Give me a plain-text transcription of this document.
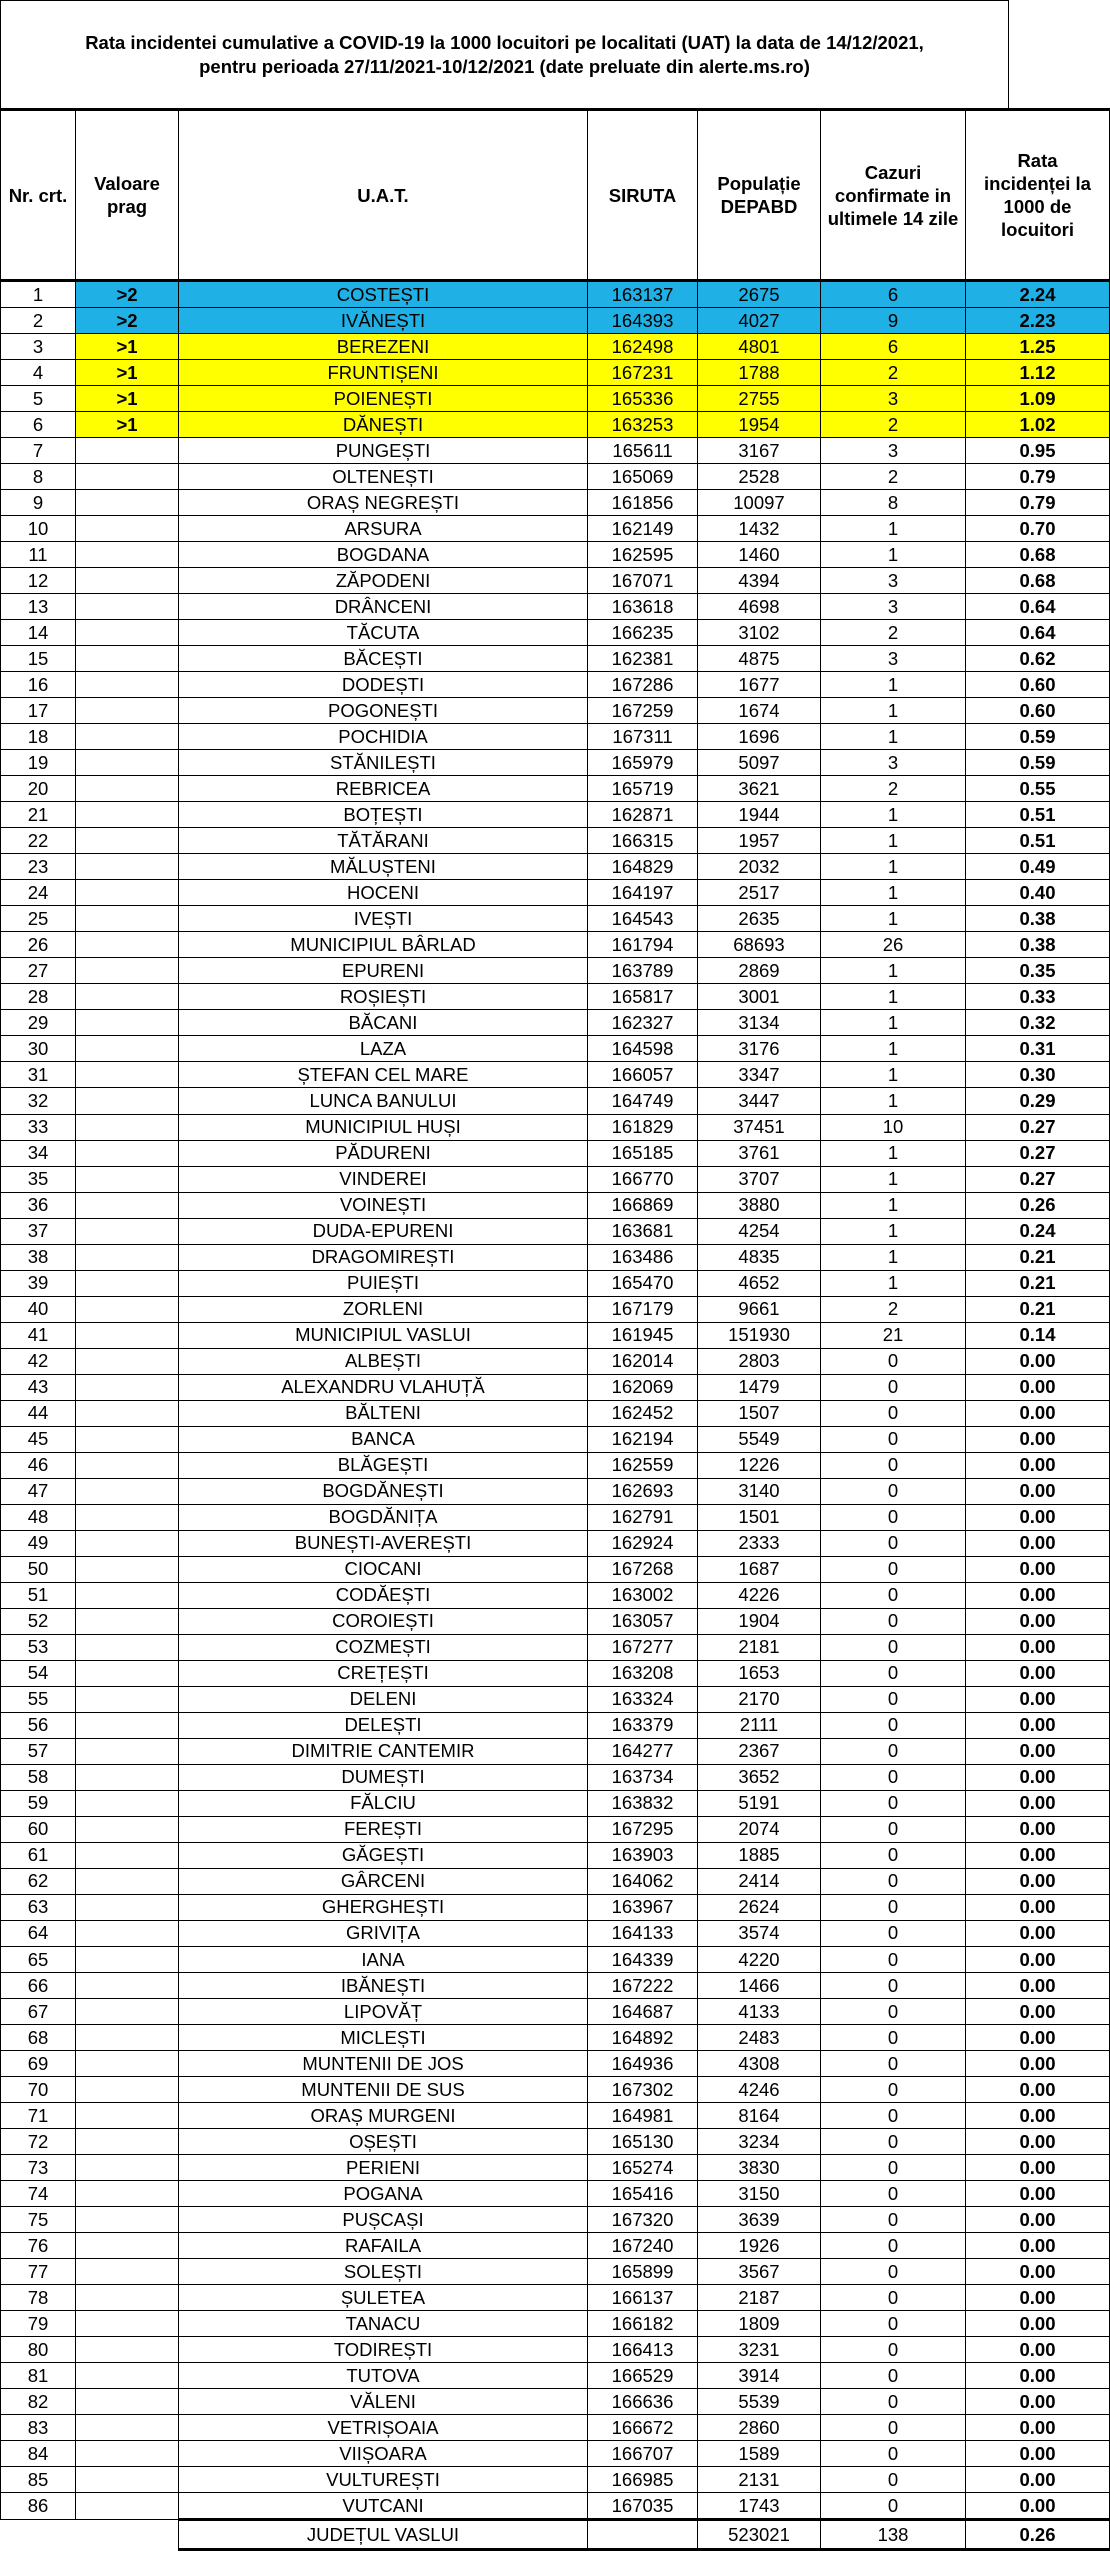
Rata incidentei cumulative a COVID-19 la 1000 locuitori pe localitati (UAT) la data de 14/12/2021,
pentru perioada 27/11/2021-10/12/2021 (date preluate din alerte.ms.ro)
Nr. crt.	Valoare prag	U.A.T.	SIRUTA	Populație DEPABD	Cazuri confirmate in ultimele 14 zile	Rata incidenței la 1000 de locuitori
1	>2	COSTEȘTI	163137	2675	6	2.24
2	>2	IVĂNEȘTI	164393	4027	9	2.23
3	>1	BEREZENI	162498	4801	6	1.25
4	>1	FRUNTIȘENI	167231	1788	2	1.12
5	>1	POIENEȘTI	165336	2755	3	1.09
6	>1	DĂNEȘTI	163253	1954	2	1.02
7		PUNGEȘTI	165611	3167	3	0.95
8		OLTENEȘTI	165069	2528	2	0.79
9		ORAȘ NEGREȘTI	161856	10097	8	0.79
10		ARSURA	162149	1432	1	0.70
11		BOGDANA	162595	1460	1	0.68
12		ZĂPODENI	167071	4394	3	0.68
13		DRÂNCENI	163618	4698	3	0.64
14		TĂCUTA	166235	3102	2	0.64
15		BĂCEȘTI	162381	4875	3	0.62
16		DODEȘTI	167286	1677	1	0.60
17		POGONEȘTI	167259	1674	1	0.60
18		POCHIDIA	167311	1696	1	0.59
19		STĂNILEȘTI	165979	5097	3	0.59
20		REBRICEA	165719	3621	2	0.55
21		BOȚEȘTI	162871	1944	1	0.51
22		TĂTĂRANI	166315	1957	1	0.51
23		MĂLUȘTENI	164829	2032	1	0.49
24		HOCENI	164197	2517	1	0.40
25		IVEȘTI	164543	2635	1	0.38
26		MUNICIPIUL BÂRLAD	161794	68693	26	0.38
27		EPURENI	163789	2869	1	0.35
28		ROȘIEȘTI	165817	3001	1	0.33
29		BĂCANI	162327	3134	1	0.32
30		LAZA	164598	3176	1	0.31
31		ȘTEFAN CEL MARE	166057	3347	1	0.30
32		LUNCA BANULUI	164749	3447	1	0.29
33		MUNICIPIUL HUȘI	161829	37451	10	0.27
34		PĂDURENI	165185	3761	1	0.27
35		VINDEREI	166770	3707	1	0.27
36		VOINEȘTI	166869	3880	1	0.26
37		DUDA-EPURENI	163681	4254	1	0.24
38		DRAGOMIREȘTI	163486	4835	1	0.21
39		PUIEȘTI	165470	4652	1	0.21
40		ZORLENI	167179	9661	2	0.21
41		MUNICIPIUL VASLUI	161945	151930	21	0.14
42		ALBEȘTI	162014	2803	0	0.00
43		ALEXANDRU VLAHUȚĂ	162069	1479	0	0.00
44		BĂLTENI	162452	1507	0	0.00
45		BANCA	162194	5549	0	0.00
46		BLĂGEȘTI	162559	1226	0	0.00
47		BOGDĂNEȘTI	162693	3140	0	0.00
48		BOGDĂNIȚA	162791	1501	0	0.00
49		BUNEȘTI-AVEREȘTI	162924	2333	0	0.00
50		CIOCANI	167268	1687	0	0.00
51		CODĂEȘTI	163002	4226	0	0.00
52		COROIEȘTI	163057	1904	0	0.00
53		COZMEȘTI	167277	2181	0	0.00
54		CREȚEȘTI	163208	1653	0	0.00
55		DELENI	163324	2170	0	0.00
56		DELEȘTI	163379	2111	0	0.00
57		DIMITRIE CANTEMIR	164277	2367	0	0.00
58		DUMEȘTI	163734	3652	0	0.00
59		FĂLCIU	163832	5191	0	0.00
60		FEREȘTI	167295	2074	0	0.00
61		GĂGEȘTI	163903	1885	0	0.00
62		GÂRCENI	164062	2414	0	0.00
63		GHERGHEȘTI	163967	2624	0	0.00
64		GRIVIȚA	164133	3574	0	0.00
65		IANA	164339	4220	0	0.00
66		IBĂNEȘTI	167222	1466	0	0.00
67		LIPOVĂȚ	164687	4133	0	0.00
68		MICLEȘTI	164892	2483	0	0.00
69		MUNTENII DE JOS	164936	4308	0	0.00
70		MUNTENII DE SUS	167302	4246	0	0.00
71		ORAȘ MURGENI	164981	8164	0	0.00
72		OȘEȘTI	165130	3234	0	0.00
73		PERIENI	165274	3830	0	0.00
74		POGANA	165416	3150	0	0.00
75		PUȘCAȘI	167320	3639	0	0.00
76		RAFAILA	167240	1926	0	0.00
77		SOLEȘTI	165899	3567	0	0.00
78		ȘULETEA	166137	2187	0	0.00
79		TANACU	166182	1809	0	0.00
80		TODIREȘTI	166413	3231	0	0.00
81		TUTOVA	166529	3914	0	0.00
82		VĂLENI	166636	5539	0	0.00
83		VETRIȘOAIA	166672	2860	0	0.00
84		VIIȘOARA	166707	1589	0	0.00
85		VULTUREȘTI	166985	2131	0	0.00
86		VUTCANI	167035	1743	0	0.00
		JUDEȚUL VASLUI		523021	138	0.26
